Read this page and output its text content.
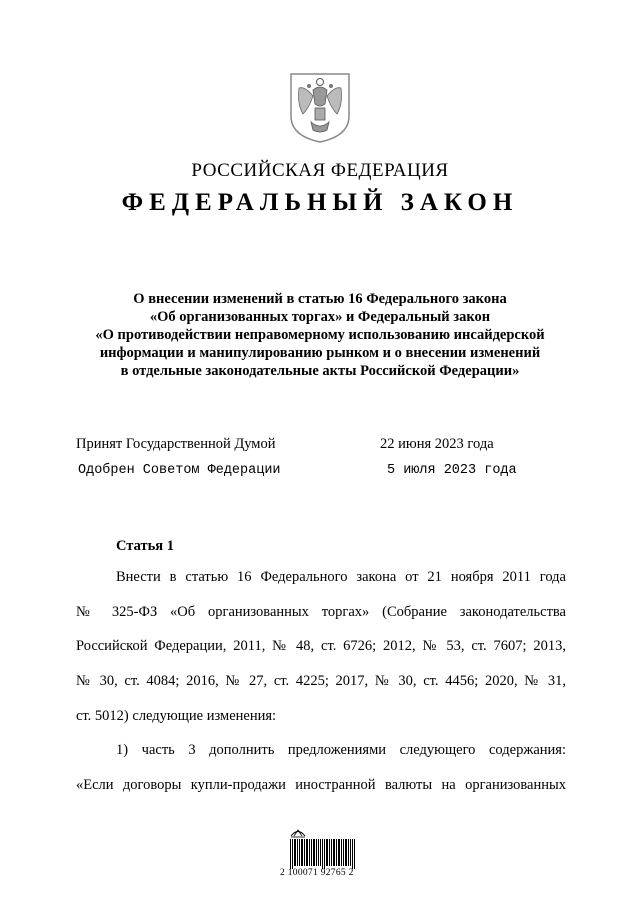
РОССИЙСКАЯ ФЕДЕРАЦИЯ
ФЕДЕРАЛЬНЫЙ ЗАКОН
О внесении изменений в статью 16 Федерального закона
«Об организованных торгах» и Федеральный закон
«О противодействии неправомерному использованию инсайдерской
информации и манипулированию рынком и о внесении изменений
в отдельные законодательные акты Российской Федерации»
Принят Государственной Думой	22 июня 2023 года
Одобрен Советом Федерации	5 июля 2023 года
Статья 1
Внести в статью 16 Федерального закона от 21 ноября 2011 года
№ 325-ФЗ «Об организованных торгах» (Собрание законодательства
Российской Федерации, 2011, № 48, ст. 6726; 2012, № 53, ст. 7607; 2013,
№ 30, ст. 4084; 2016, № 27, ст. 4225; 2017, № 30, ст. 4456; 2020, № 31,
ст. 5012) следующие изменения:
1) часть 3 дополнить предложениями следующего содержания:
«Если договоры купли-продажи иностранной валюты на организованных
2 100071 92765 2
